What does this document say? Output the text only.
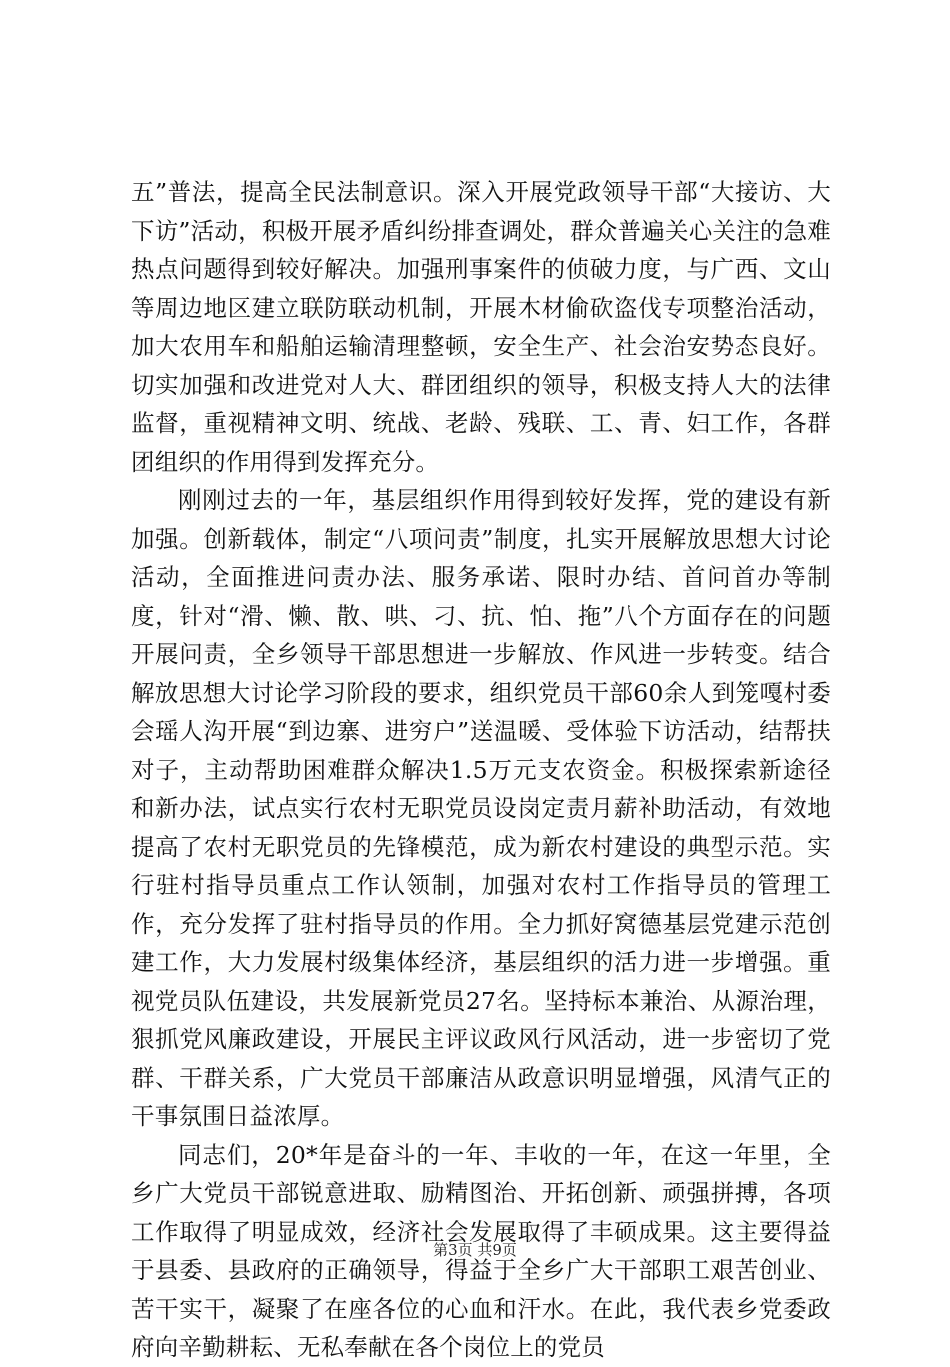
五”普法，提高全民法制意识。深入开展党政领导干部“大接访、大下访”活动，积极开展矛盾纠纷排查调处，群众普遍关心关注的急难热点问题得到较好解决。加强刑事案件的侦破力度，与广西、文山等周边地区建立联防联动机制，开展木材偷砍盗伐专项整治活动，加大农用车和船舶运输清理整顿，安全生产、社会治安势态良好。切实加强和改进党对人大、群团组织的领导，积极支持人大的法律监督，重视精神文明、统战、老龄、残联、工、青、妇工作，各群团组织的作用得到发挥充分。

刚刚过去的一年，基层组织作用得到较好发挥，党的建设有新加强。创新载体，制定“八项问责”制度，扎实开展解放思想大讨论活动，全面推进问责办法、服务承诺、限时办结、首问首办等制度，针对“滑、懒、散、哄、刁、抗、怕、拖”八个方面存在的问题开展问责，全乡领导干部思想进一步解放、作风进一步转变。结合解放思想大讨论学习阶段的要求，组织党员干部60余人到笼嘎村委会瑶人沟开展“到边寨、进穷户”送温暖、受体验下访活动，结帮扶对子，主动帮助困难群众解决1.5万元支农资金。积极探索新途径和新办法，试点实行农村无职党员设岗定责月薪补助活动，有效地提高了农村无职党员的先锋模范，成为新农村建设的典型示范。实行驻村指导员重点工作认领制，加强对农村工作指导员的管理工作，充分发挥了驻村指导员的作用。全力抓好窝德基层党建示范创建工作，大力发展村级集体经济，基层组织的活力进一步增强。重视党员队伍建设，共发展新党员27名。坚持标本兼治、从源治理，狠抓党风廉政建设，开展民主评议政风行风活动，进一步密切了党群、干群关系，广大党员干部廉洁从政意识明显增强，风清气正的干事氛围日益浓厚。

同志们，20*年是奋斗的一年、丰收的一年，在这一年里，全乡广大党员干部锐意进取、励精图治、开拓创新、顽强拼搏，各项工作取得了明显成效，经济社会发展取得了丰硕成果。这主要得益于县委、县政府的正确领导，得益于全乡广大干部职工艰苦创业、苦干实干，凝聚了在座各位的心血和汗水。在此，我代表乡党委政府向辛勤耕耘、无私奉献在各个岗位上的党员

第3页 共9页
